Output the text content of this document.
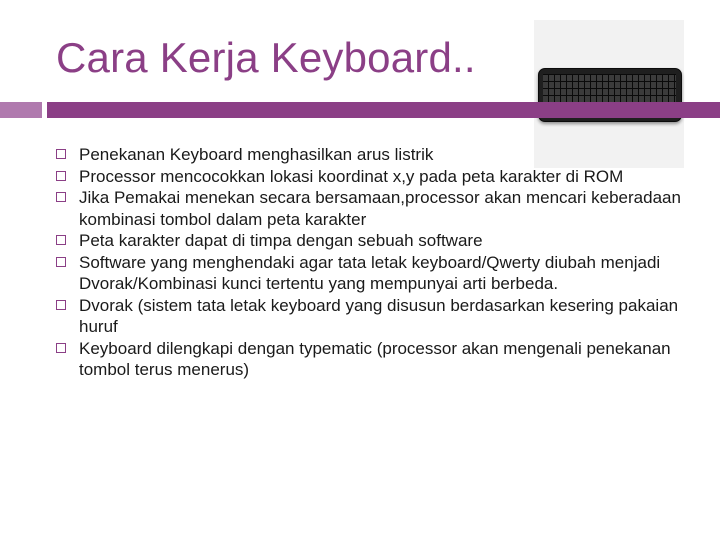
Cara Kerja Keyboard..
Penekanan Keyboard menghasilkan arus listrik
Processor mencocokkan lokasi koordinat x,y pada peta karakter di ROM
Jika Pemakai menekan secara bersamaan,processor akan mencari keberadaan kombinasi tombol dalam peta karakter
Peta karakter dapat di timpa dengan sebuah software
Software yang menghendaki agar tata letak keyboard/Qwerty diubah menjadi Dvorak/Kombinasi kunci tertentu yang mempunyai arti berbeda.
Dvorak (sistem tata letak keyboard yang disusun berdasarkan kesering pakaian huruf
Keyboard dilengkapi dengan typematic (processor akan mengenali penekanan tombol terus menerus)
